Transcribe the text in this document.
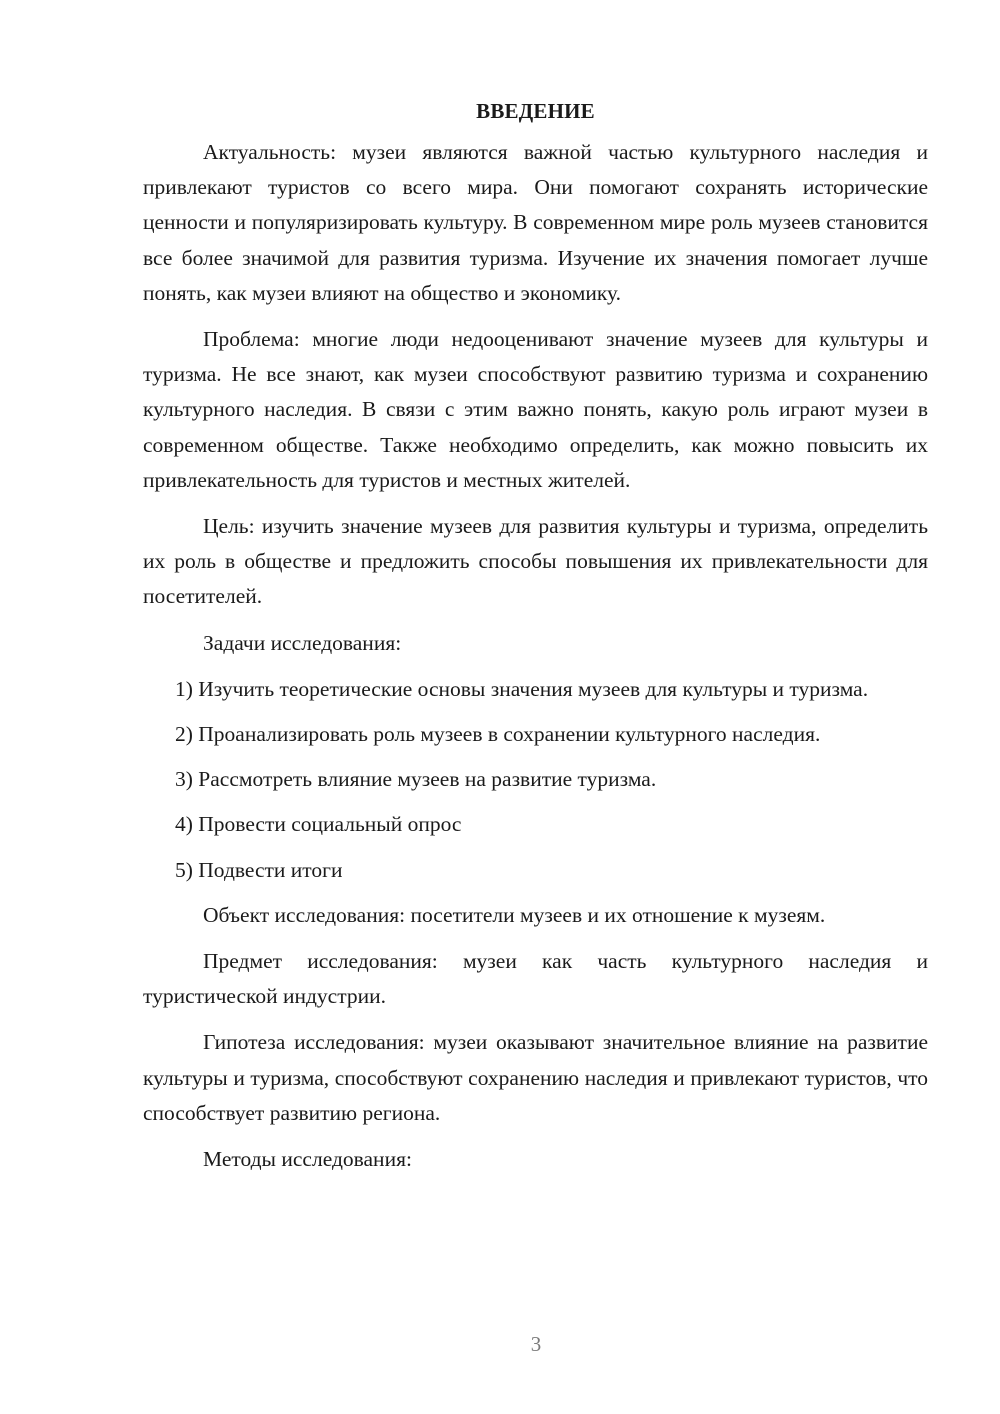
ВВЕДЕНИЕ

Актуальность: музеи являются важной частью культурного наследия и привлекают туристов со всего мира. Они помогают сохранять исторические ценности и популяризировать культуру. В современном мире роль музеев становится все более значимой для развития туризма. Изучение их значения помогает лучше понять, как музеи влияют на общество и экономику.

Проблема: многие люди недооценивают значение музеев для культуры и туризма. Не все знают, как музеи способствуют развитию туризма и сохранению культурного наследия. В связи с этим важно понять, какую роль играют музеи в современном обществе. Также необходимо определить, как можно повысить их привлекательность для туристов и местных жителей.

Цель: изучить значение музеев для развития культуры и туризма, определить их роль в обществе и предложить способы повышения их привлекательности для посетителей.

Задачи исследования:

1) Изучить теоретические основы значения музеев для культуры и туризма.

2) Проанализировать роль музеев в сохранении культурного наследия.

3) Рассмотреть влияние музеев на развитие туризма.

4) Провести социальный опрос

5) Подвести итоги

Объект исследования: посетители музеев и их отношение к музеям.

Предмет исследования: музеи как часть культурного наследия и туристической индустрии.

Гипотеза исследования: музеи оказывают значительное влияние на развитие культуры и туризма, способствуют сохранению наследия и привлекают туристов, что способствует развитию региона.

Методы исследования:

3
